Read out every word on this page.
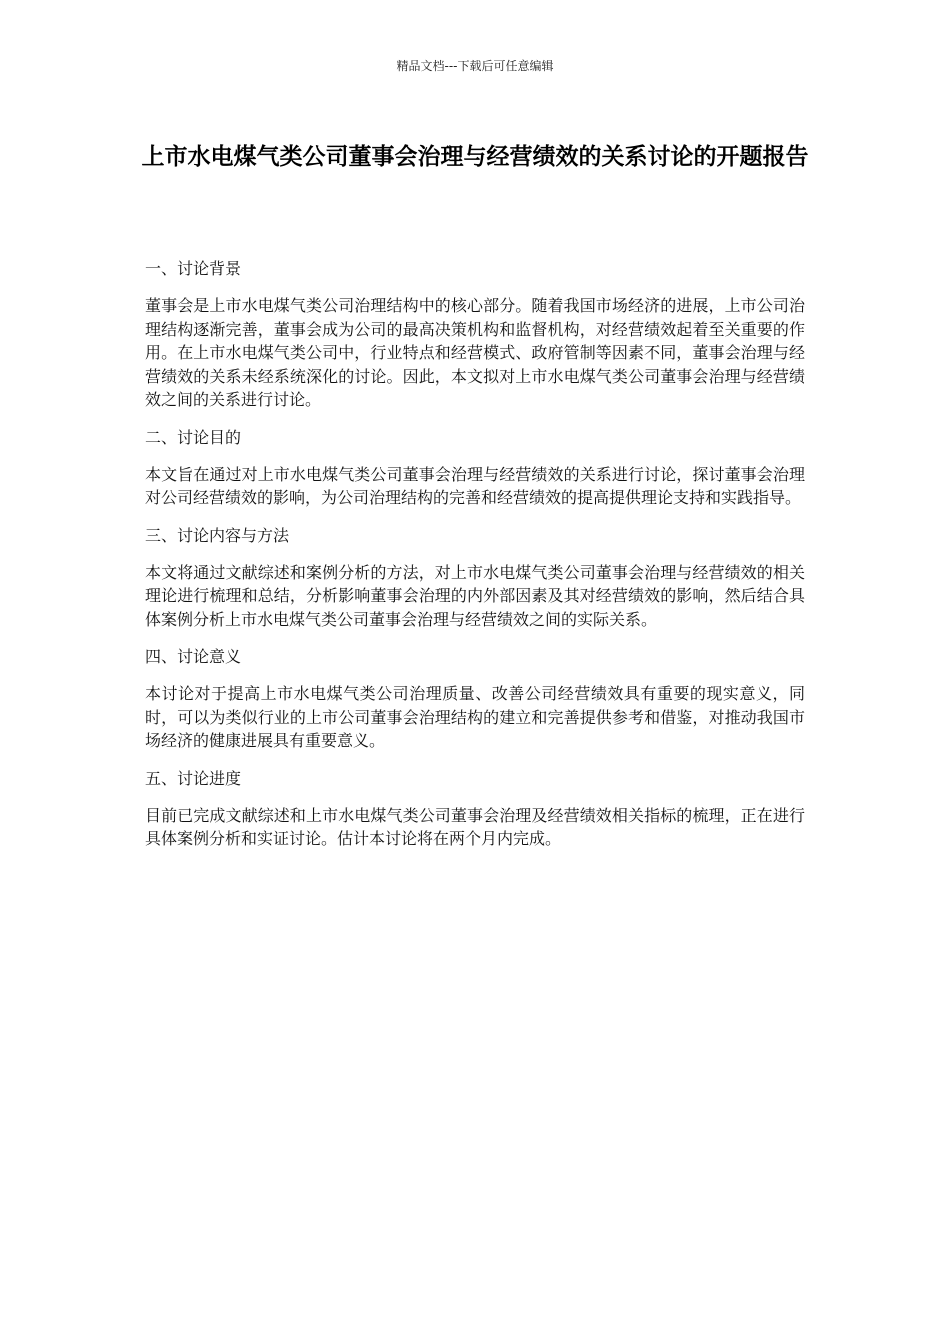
精品文档---下载后可任意编辑
上市水电煤气类公司董事会治理与经营绩效的关系讨论的开题报告

一、讨论背景

董事会是上市水电煤气类公司治理结构中的核心部分。随着我国市场经济的进展，上市公司治理结构逐渐完善，董事会成为公司的最高决策机构和监督机构，对经营绩效起着至关重要的作用。在上市水电煤气类公司中，行业特点和经营模式、政府管制等因素不同，董事会治理与经营绩效的关系未经系统深化的讨论。因此，本文拟对上市水电煤气类公司董事会治理与经营绩效之间的关系进行讨论。

二、讨论目的

本文旨在通过对上市水电煤气类公司董事会治理与经营绩效的关系进行讨论，探讨董事会治理对公司经营绩效的影响，为公司治理结构的完善和经营绩效的提高提供理论支持和实践指导。

三、讨论内容与方法

本文将通过文献综述和案例分析的方法，对上市水电煤气类公司董事会治理与经营绩效的相关理论进行梳理和总结，分析影响董事会治理的内外部因素及其对经营绩效的影响，然后结合具体案例分析上市水电煤气类公司董事会治理与经营绩效之间的实际关系。

四、讨论意义

本讨论对于提高上市水电煤气类公司治理质量、改善公司经营绩效具有重要的现实意义，同时，可以为类似行业的上市公司董事会治理结构的建立和完善提供参考和借鉴，对推动我国市场经济的健康进展具有重要意义。

五、讨论进度

目前已完成文献综述和上市水电煤气类公司董事会治理及经营绩效相关指标的梳理，正在进行具体案例分析和实证讨论。估计本讨论将在两个月内完成。
